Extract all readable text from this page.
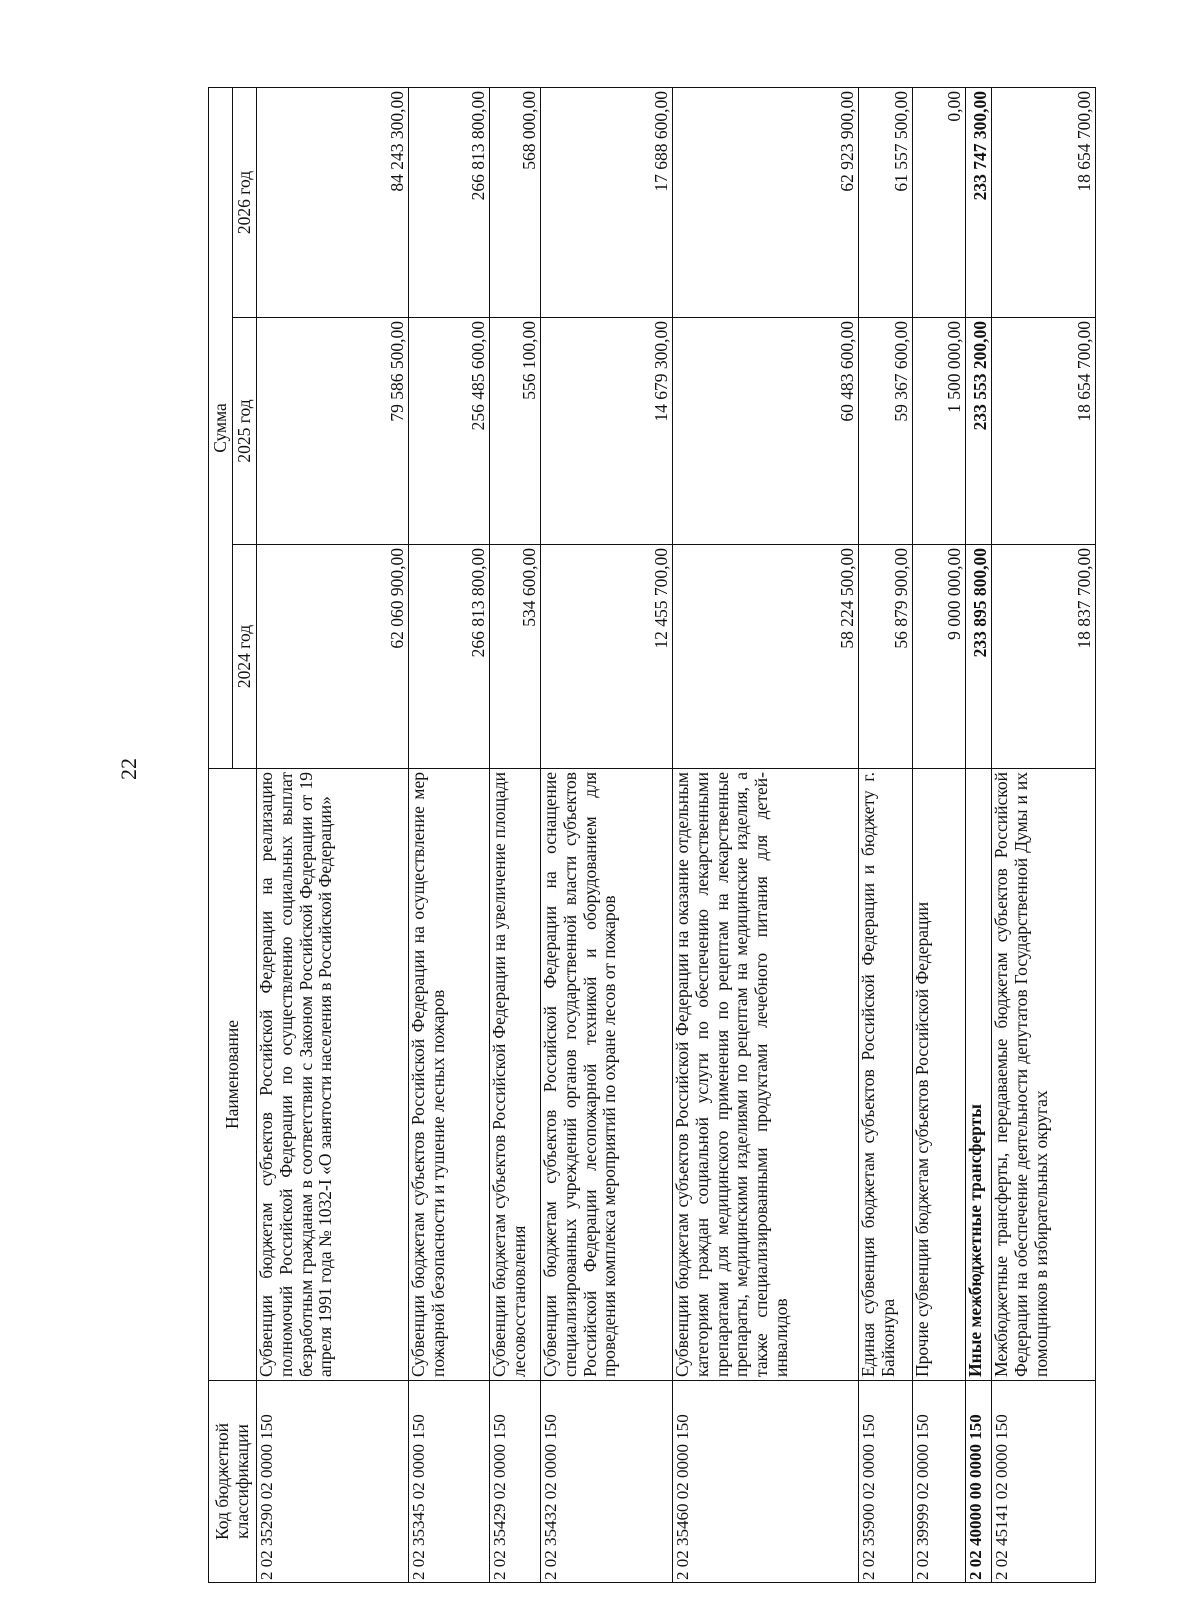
22
Код бюджетной классификации	Наименование	Сумма		
		2024 год	2025 год	2026 год
2 02 35290 02 0000 150	Субвенции бюджетам субъектов Российской Федерации на реализацию полномочий Российской Федерации по осуществлению социальных выплат безработным гражданам в соответствии с Законом Российской Федерации от 19 апреля 1991 года № 1032-I «О занятости населения в Российской Федерации»	62 060 900,00	79 586 500,00	84 243 300,00
2 02 35345 02 0000 150	Субвенции бюджетам субъектов Российской Федерации на осуществление мер пожарной безопасности и тушение лесных пожаров	266 813 800,00	256 485 600,00	266 813 800,00
2 02 35429 02 0000 150	Субвенции бюджетам субъектов Российской Федерации на увеличение площади лесовосстановления	534 600,00	556 100,00	568 000,00
2 02 35432 02 0000 150	Субвенции бюджетам субъектов Российской Федерации на оснащение специализированных учреждений органов государственной власти субъектов Российской Федерации лесопожарной техникой и оборудованием для проведения комплекса мероприятий по охране лесов от пожаров	12 455 700,00	14 679 300,00	17 688 600,00
2 02 35460 02 0000 150	Субвенции бюджетам субъектов Российской Федерации на оказание отдельным категориям граждан социальной услуги по обеспечению лекарственными препаратами для медицинского применения по рецептам на лекарственные препараты, медицинскими изделиями по рецептам на медицинские изделия, а также специализированными продуктами лечебного питания для детей-инвалидов	58 224 500,00	60 483 600,00	62 923 900,00
2 02 35900 02 0000 150	Единая субвенция бюджетам субъектов Российской Федерации и бюджету г. Байконура	56 879 900,00	59 367 600,00	61 557 500,00
2 02 39999 02 0000 150	Прочие субвенции бюджетам субъектов Российской Федерации	9 000 000,00	1 500 000,00	0,00
2 02 40000 00 0000 150	Иные межбюджетные трансферты	233 895 800,00	233 553 200,00	233 747 300,00
2 02 45141 02 0000 150	Межбюджетные трансферты, передаваемые бюджетам субъектов Российской Федерации на обеспечение деятельности депутатов Государственной Думы и их помощников в избирательных округах	18 837 700,00	18 654 700,00	18 654 700,00
